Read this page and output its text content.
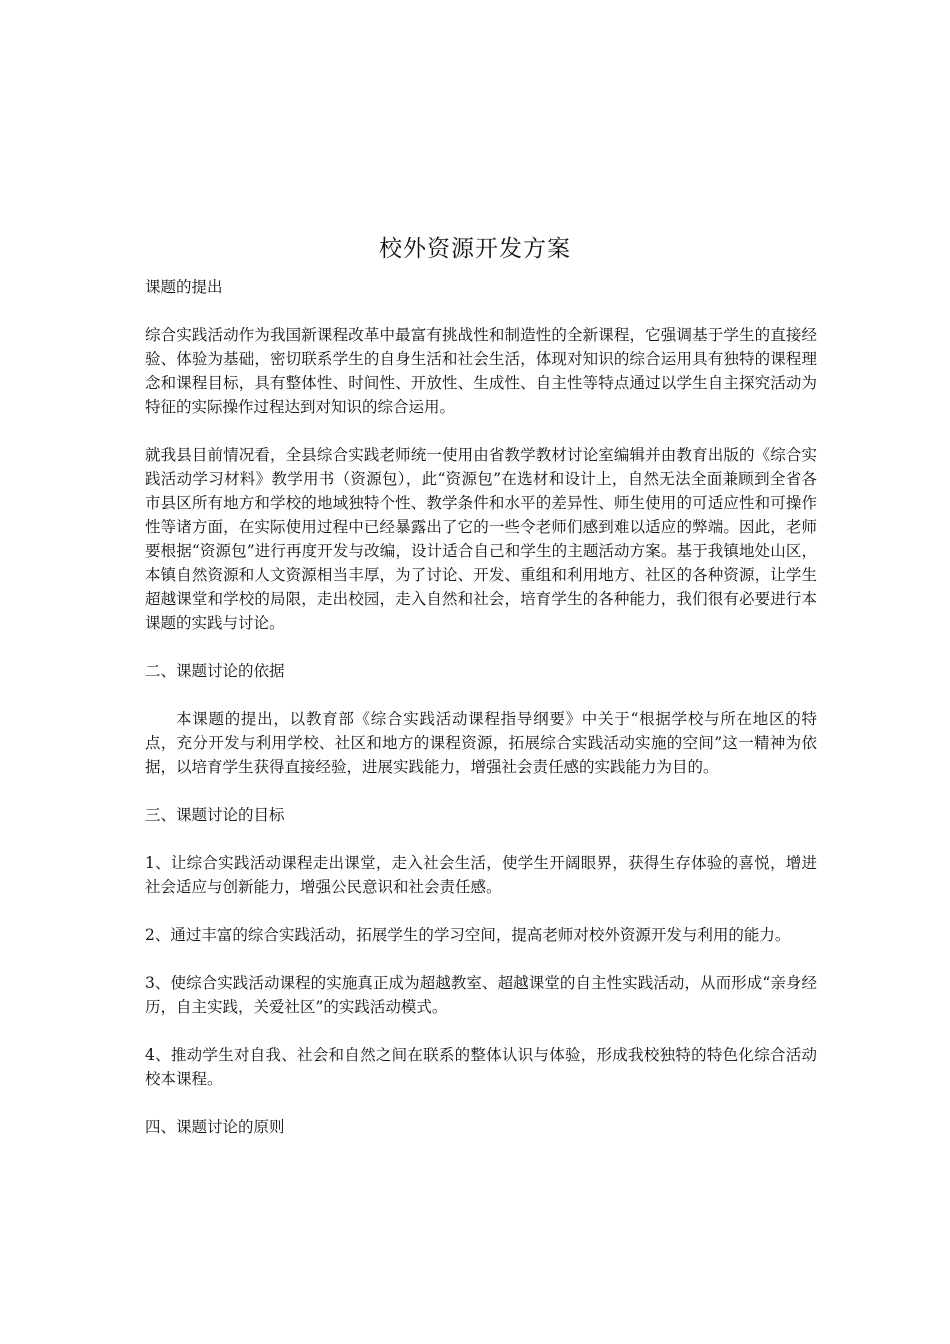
校外资源开发方案

课题的提出

综合实践活动作为我国新课程改革中最富有挑战性和制造性的全新课程，它强调基于学生的直接经验、体验为基础，密切联系学生的自身生活和社会生活，体现对知识的综合运用具有独特的课程理念和课程目标，具有整体性、时间性、开放性、生成性、自主性等特点通过以学生自主探究活动为特征的实际操作过程达到对知识的综合运用。

就我县目前情况看，全县综合实践老师统一使用由省教学教材讨论室编辑并由教育出版的《综合实践活动学习材料》教学用书（资源包），此“资源包”在选材和设计上，自然无法全面兼顾到全省各市县区所有地方和学校的地域独特个性、教学条件和水平的差异性、师生使用的可适应性和可操作性等诸方面，在实际使用过程中已经暴露出了它的一些令老师们感到难以适应的弊端。因此，老师要根据“资源包”进行再度开发与改编，设计适合自己和学生的主题活动方案。基于我镇地处山区，本镇自然资源和人文资源相当丰厚，为了讨论、开发、重组和利用地方、社区的各种资源，让学生超越课堂和学校的局限，走出校园，走入自然和社会，培育学生的各种能力，我们很有必要进行本课题的实践与讨论。

二、课题讨论的依据

本课题的提出，以教育部《综合实践活动课程指导纲要》中关于“根据学校与所在地区的特点，充分开发与利用学校、社区和地方的课程资源，拓展综合实践活动实施的空间”这一精神为依据，以培育学生获得直接经验，进展实践能力，增强社会责任感的实践能力为目的。

三、课题讨论的目标

1、让综合实践活动课程走出课堂，走入社会生活，使学生开阔眼界，获得生存体验的喜悦，增进社会适应与创新能力，增强公民意识和社会责任感。

2、通过丰富的综合实践活动，拓展学生的学习空间，提高老师对校外资源开发与利用的能力。

3、使综合实践活动课程的实施真正成为超越教室、超越课堂的自主性实践活动，从而形成“亲身经历，自主实践，关爱社区”的实践活动模式。

4、推动学生对自我、社会和自然之间在联系的整体认识与体验，形成我校独特的特色化综合活动校本课程。

四、课题讨论的原则
